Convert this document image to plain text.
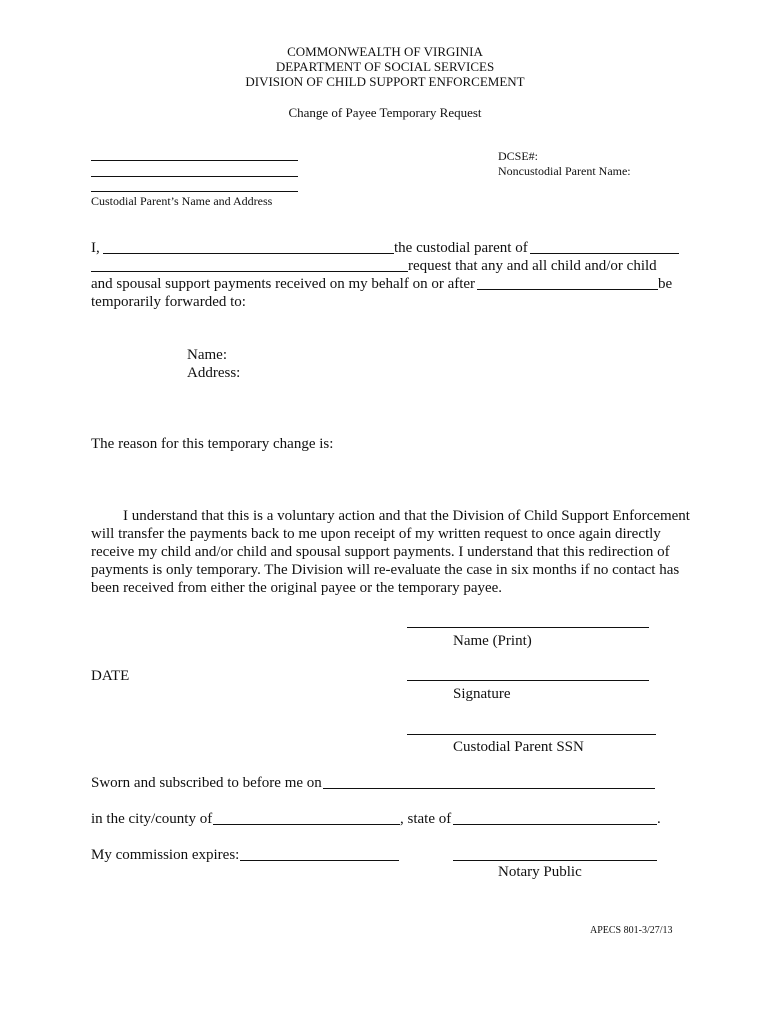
COMMONWEALTH OF VIRGINIA
DEPARTMENT OF SOCIAL SERVICES
DIVISION OF CHILD SUPPORT ENFORCEMENT
Change of Payee Temporary Request
Custodial Parent’s Name and Address
DCSE#:
Noncustodial Parent Name:
I,	the custodial parent of
request that any and all child and/or child
and spousal support payments received on my behalf on or after	be
temporarily forwarded to:
Name:
Address:
The reason for this temporary change is:
I understand that this is a voluntary action and that the Division of Child Support Enforcement will transfer the payments back to me upon receipt of my written request to once again directly receive my child and/or child and spousal support payments. I understand that this redirection of payments is only temporary. The Division will re-evaluate the case in six months if no contact has been received from either the original payee or the temporary payee.
Name (Print)
DATE
Signature
Custodial Parent SSN
Sworn and subscribed to before me on
in the city/county of	, state of	.
My commission expires:
Notary Public
APECS 801-3/27/13
